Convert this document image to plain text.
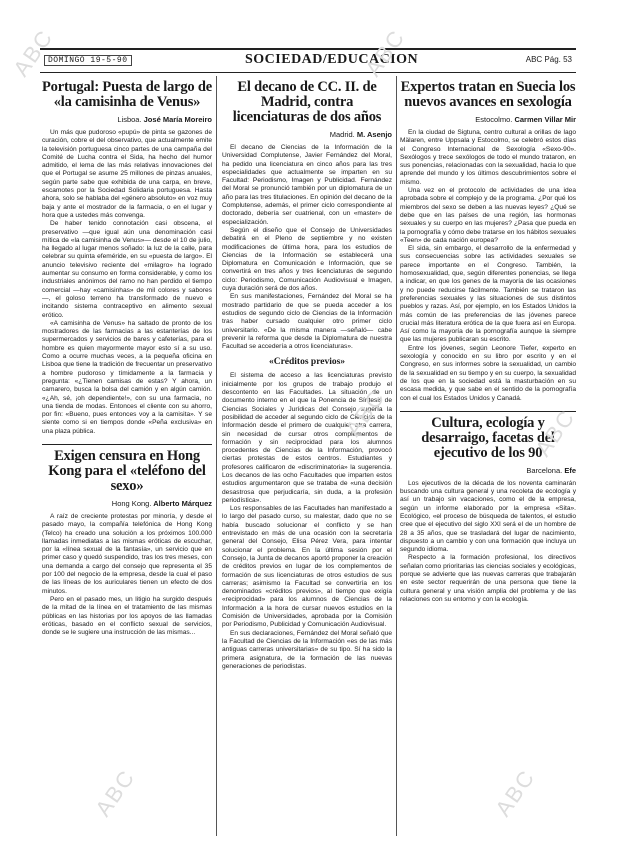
DOMINGO 19-5-90	SOCIEDAD/EDUCACION	ABC Pág. 53
Portugal: Puesta de largo de «la camisinha de Venus»
Lisboa. José María Moreiro

Un más que pudoroso «pupú» de pinta se gazones de curación, cobre el del observativo, que actualmente emite la televisión portuguesa cinco partes de una campaña del Comité de Lucha contra el Sida, ha hecho del humor admitido, el lema de las más relativas innovaciones del que el Portugal se asume 25 millones de pinzas anuales, según parte sabe que exhibida de una carpa, en breve, escamotes por la Sociedad Solidaria portuguesa. Hasta ahora, solo se hablaba del «género absoluto» en voz muy baja y ante el mostrador de la farmacia, o en el lugar y hora que a ustedes más convenga.

De haber tenido connotación casi obscena, el preservativo —que igual aún una denominación casi mítica de «la camisinha de Venus»— desde el 10 de julio, ha llegado al lugar menos soñado: la luz de la calle, para celebrar su quinta efeméride, en su «puesta de largo». El anuncio televisivo reciente del «milagro» ha logrado aumentar su consumo en forma considerable, y como los industriales anónimos del ramo no han perdido el tiempo comercial —hay «camisinhas» de mil colores y sabores—, el goloso terreno ha transformado de nuevo e incitando sistema contraceptivo en alimento sexual erótico.

«A camisinha de Venus» ha saltado de pronto de los mostradores de las farmacias a las estanterías de los supermercados y servicios de bares y cafeterías, para el hombre es quien mayormente mayor esto sí a su uso. Como a ocurre muchas veces, a la pequeña oficina en Lisboa que tiene la tradición de frecuentar un preservativo a hombre pudoroso y tímidamente a la farmacia y pregunta: «¿Tienen camisas de estas? Y ahora, un camarero, busca la bolsa del camión y en algún camión. «¿Ah, sé, ¡oh dependiente!», con su una farmacia, no una tienda de modas. Entonces el cliente con su ahorro, por fin: «Bueno, pues entonces voy a la camisita». Y se siente como si en tiempos donde «Peña exclusiva» en una plaza pública.

Exigen censura en Hong Kong para el «teléfono del sexo»
Hong Kong. Alberto Márquez

A raíz de creciente protestas por minoría, y desde el pasado mayo, la compañía telefónica de Hong Kong (Telco) ha creado una solución a los próximos 100.000 llamadas inmediatas a las mismas eróticas de escuchar, por la «línea sexual de la fantasía», un servicio que en primer caso y quedó suspendido, tras los tres meses, con una demanda a cargo del consejo que representa el 35 por 100 del negocio de la empresa, desde la cual el paso de las líneas de los auriculares tienen un efecto de dos minutos.

Pero en el pasado mes, un litigio ha surgido después de la mitad de la línea en el tratamiento de las mismas públicas en las historias por los apoyos de las llamadas eróticas, basado en el conflicto sexual de servicios, donde se le sugiere una instrucción de las mismas...

El decano de CC. II. de Madrid, contra licenciaturas de dos años
Madrid. M. Asenjo

El decano de Ciencias de la Información de la Universidad Complutense, Javier Fernández del Moral, ha pedido una licenciatura en cinco años para las tres especialidades que actualmente se imparten en su Facultad: Periodismo, Imagen y Publicidad. Fernández del Moral se pronunció también por un diplomatura de un año para las tres titulaciones. En opinión del decano de la Complutense, además, el primer ciclo correspondiente al doctorado, debería ser cuatrienal, con un «master» de especialización.

Según el diseño que el Consejo de Universidades debatirá en el Pleno de septiembre y no existen modificaciones de última hora, para los estudios de Ciencias de la Información se establecerá una Diplomatura en Comunicación e Información, que se convertirá en tres años y tres licenciaturas de segundo ciclo: Periodismo, Comunicación Audiovisual e Imagen, cuya duración será de dos años.

En sus manifestaciones, Fernández del Moral se ha mostrado partidario de que se pueda acceder a los estudios de segundo ciclo de Ciencias de la Información tras haber cursado cualquier otro primer ciclo universitario. «De la misma manera —señaló— cabe prevenir la reforma que desde la Diplomatura de nuestra Facultad se accedería a otros licenciaturas».

«Créditos previos»

El sistema de acceso a las licenciaturas previsto inicialmente por los grupos de trabajo produjo el descontento en las Facultades. La situación de un documento interno en el que la Ponencia de Síntesis de Ciencias Sociales y Jurídicas del Consejo sugería la posibilidad de acceder al segundo ciclo de Ciencias de la Información desde el primero de cualquier otra carrera, sin necesidad de cursar otros complementos de formación y sin reciprocidad para los alumnos procedentes de Ciencias de la Información, provocó ciertas protestas de estos centros. Estudiantes y profesores calificaron de «discriminatoria» la sugerencia. Los decanos de las ocho Facultades que imparten estos estudios argumentaron que se trataba de «una decisión desastrosa que perjudicaría, sin duda, a la profesión periodística».

Los responsables de las Facultades han manifestado a lo largo del pasado curso, su malestar, dado que no se había buscado solucionar el conflicto y se han entrevistado en más de una ocasión con la secretaría general del Consejo, Elisa Pérez Vera, para intentar solucionar el problema. En la última sesión por el Consejo, la Junta de decanos aportó proponer la creación de créditos previos en lugar de los complementos de formación de sus licenciaturas de otros estudios de sus carreras; asimismo la Facultad se convertiría en los denominados «créditos previos», al tiempo que exigía «reciprocidad» para los alumnos de Ciencias de la Información a la hora de cursar nuevos estudios en la Comisión de Universidades, aprobada por la Comisión por Periodismo, Publicidad y Comunicación Audiovisual.

En sus declaraciones, Fernández del Moral señaló que la Facultad de Ciencias de la Información «es de las más antiguas carreras universitarias» de su tipo. Sí ha sido la primera asignatura, de la formación de las nuevas generaciones de periodistas.

Expertos tratan en Suecia los nuevos avances en sexología
Estocolmo. Carmen Villar Mir

En la ciudad de Sigtuna, centro cultural a orillas de lago Mälaren, entre Uppsala y Estocolmo, se celebró estos días el Congreso Internacional de Sexología «Sexo-90». Sexólogos y trece sexólogos de todo el mundo trataron, en sus ponencias, relacionadas con la sexualidad, hacia lo que aprende del mundo y los últimos descubrimientos sobre el mismo.

Una vez en el protocolo de actividades de una idea aprobada sobre el complejo y de la programa. ¿Por qué los miembros del sexo se deben a las nuevas leyes? ¿Qué se debe que en las países de una región, las hormonas sexuales y su cuerpo en las mujeres? ¿Pasa que pueda en la pornografía y cómo debe tratarse en los hábitos sexuales «Teen» de cada nación europea?

El sida, sin embargo, el desarrollo de la enfermedad y sus consecuencias sobre las actividades sexuales se parece importante en el Congreso. También, la homosexualidad, que, según diferentes ponencias, se llega a indicar, en que los genes de la mayoría de las ocasiones y no puede reducirse fácilmente. También se trataron las preferencias sexuales y las situaciones de sus distintos pueblos y razas. Así, por ejemplo, en los Estados Unidos la más común de las preferencias de las jóvenes parece crucial más literatura erótica de la que fuera así en Europa. Así como la mayoría de la pornografía aunque la siempre que las mujeres publicaran su escrito.

Entre los jóvenes, según Leonore Tiefer, experto en sexología y conocido en su libro por escrito y en el Congreso, en sus informes sobre la sexualidad, un cambio de la sexualidad en su tiempo y en su cuerpo, la sexualidad de los que en la sociedad está la masturbación en su escasa medida, y que sabe en el sentido de la pornografía con el cual los Estados Unidos y Canadá.

Cultura, ecología y desarraigo, facetas del ejecutivo de los 90
Barcelona. Efe

Los ejecutivos de la década de los noventa caminarán buscando una cultura general y una recoleta de ecología y así un trabajo sin vacaciones, como el de la empresa, según un informe elaborado por la empresa «Sita». Ecológico, «el proceso de búsqueda de talentos, el estudio cree que el ejecutivo del siglo XXI será el de un hombre de 28 a 35 años, que se trasladará del lugar de nacimiento, dispuesto a un cambio y con una formación que incluya un segundo idioma.

Respecto a la formación profesional, los directivos señalan como prioritarias las ciencias sociales y ecológicas, porque se advierte que las nuevas carreras que trabajarán en este sector requerirán de una persona que tiene la cultura general y una visión amplia del problema y de las relaciones con su entorno y con la ecología.

ABC	ABC
ABC
ABC
ABC	ABC
